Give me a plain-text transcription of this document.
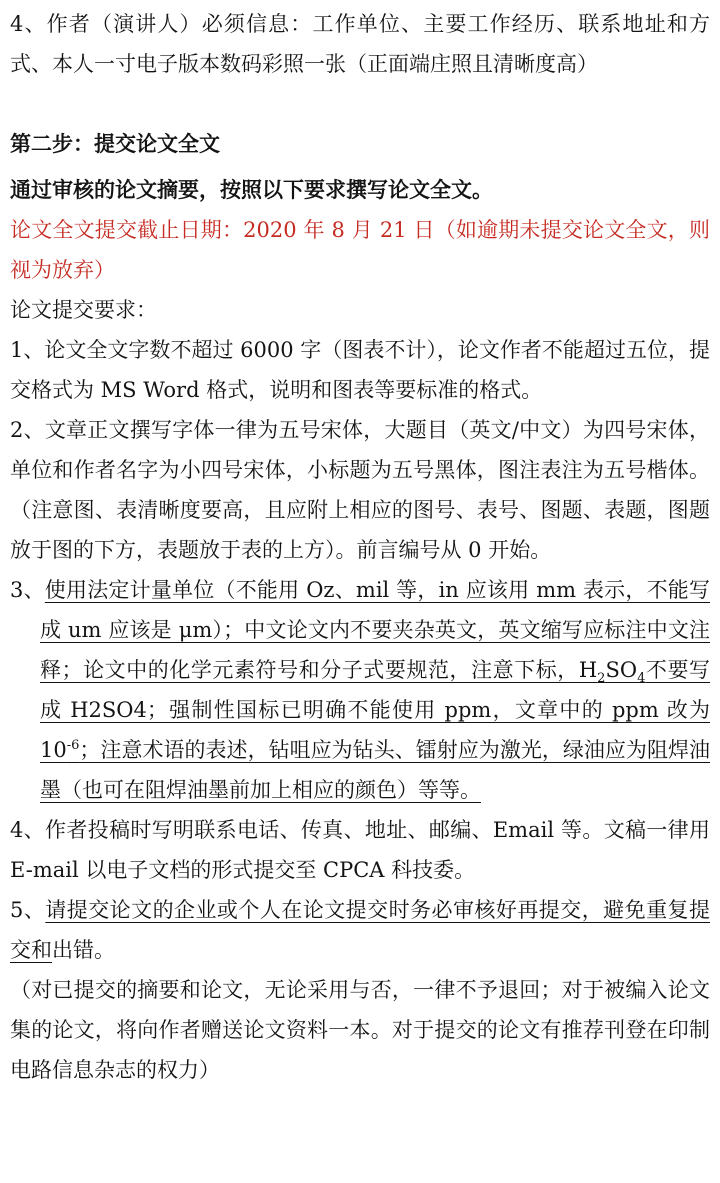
4、作者（演讲人）必须信息：工作单位、主要工作经历、联系地址和方式、本人一寸电子版本数码彩照一张（正面端庄照且清晰度高）

第二步：提交论文全文

通过审核的论文摘要，按照以下要求撰写论文全文。

论文全文提交截止日期：2020 年 8 月 21 日（如逾期未提交论文全文，则视为放弃）

论文提交要求：

1、论文全文字数不超过 6000 字（图表不计），论文作者不能超过五位，提交格式为 MS Word 格式，说明和图表等要标准的格式。

2、文章正文撰写字体一律为五号宋体，大题目（英文/中文）为四号宋体，单位和作者名字为小四号宋体，小标题为五号黑体，图注表注为五号楷体。（注意图、表清晰度要高，且应附上相应的图号、表号、图题、表题，图题放于图的下方，表题放于表的上方）。前言编号从 0 开始。

3、使用法定计量单位（不能用 Oz、mil 等，in 应该用 mm 表示，不能写成 um 应该是 μm）；中文论文内不要夹杂英文，英文缩写应标注中文注释；论文中的化学元素符号和分子式要规范，注意下标，$H_2SO_4$不要写成 H2SO4；强制性国标已明确不能使用 ppm，文章中的 ppm 改为 $10^{-6}$；注意术语的表述，钻咀应为钻头、镭射应为激光，绿油应为阻焊油墨（也可在阻焊油墨前加上相应的颜色）等等。

4、作者投稿时写明联系电话、传真、地址、邮编、Email 等。文稿一律用 E-mail 以电子文档的形式提交至 CPCA 科技委。

5、请提交论文的企业或个人在论文提交时务必审核好再提交，避免重复提交和出错。

（对已提交的摘要和论文，无论采用与否，一律不予退回；对于被编入论文集的论文，将向作者赠送论文资料一本。对于提交的论文有推荐刊登在印制电路信息杂志的权力）
